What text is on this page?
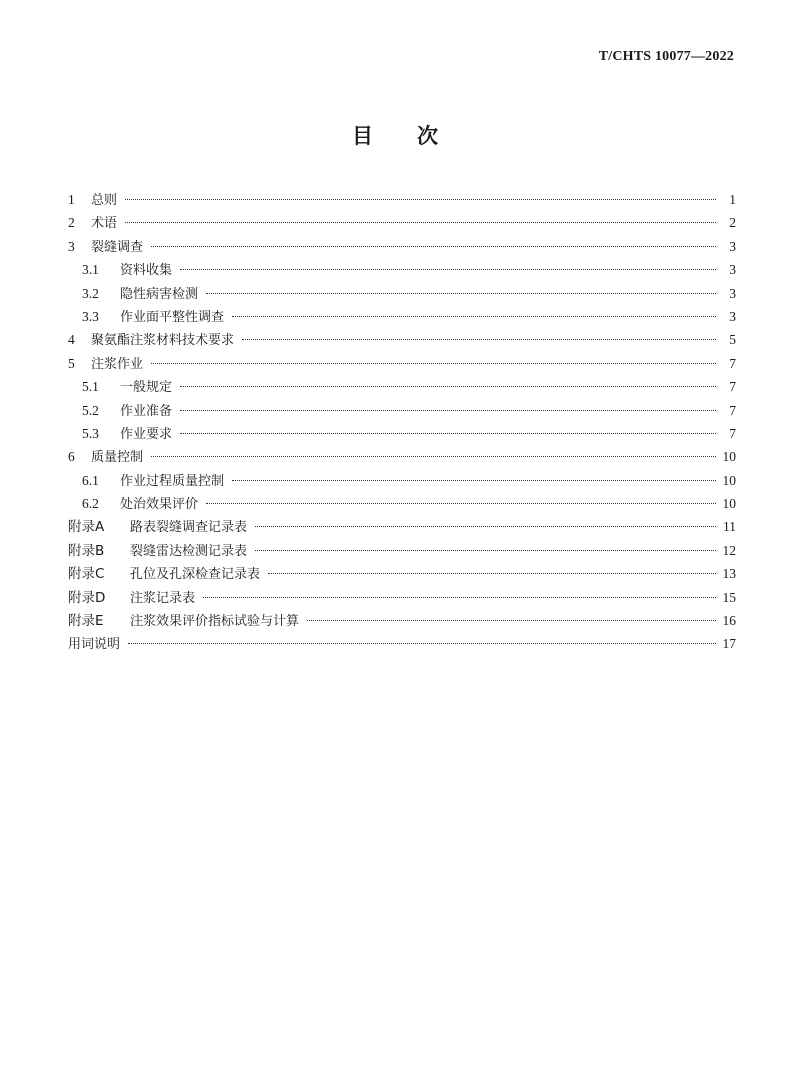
T/CHTS 10077—2022
目 次
1	总则	1
2	术语	2
3	裂缝调查	3
3.1	资料收集	3
3.2	隐性病害检测	3
3.3	作业面平整性调查	3
4	聚氨酯注浆材料技术要求	5
5	注浆作业	7
5.1	一般规定	7
5.2	作业准备	7
5.3	作业要求	7
6	质量控制	10
6.1	作业过程质量控制	10
6.2	处治效果评价	10
附录A	路表裂缝调查记录表	11
附录B	裂缝雷达检测记录表	12
附录C	孔位及孔深检查记录表	13
附录D	注浆记录表	15
附录E	注浆效果评价指标试验与计算	16
用词说明	17
